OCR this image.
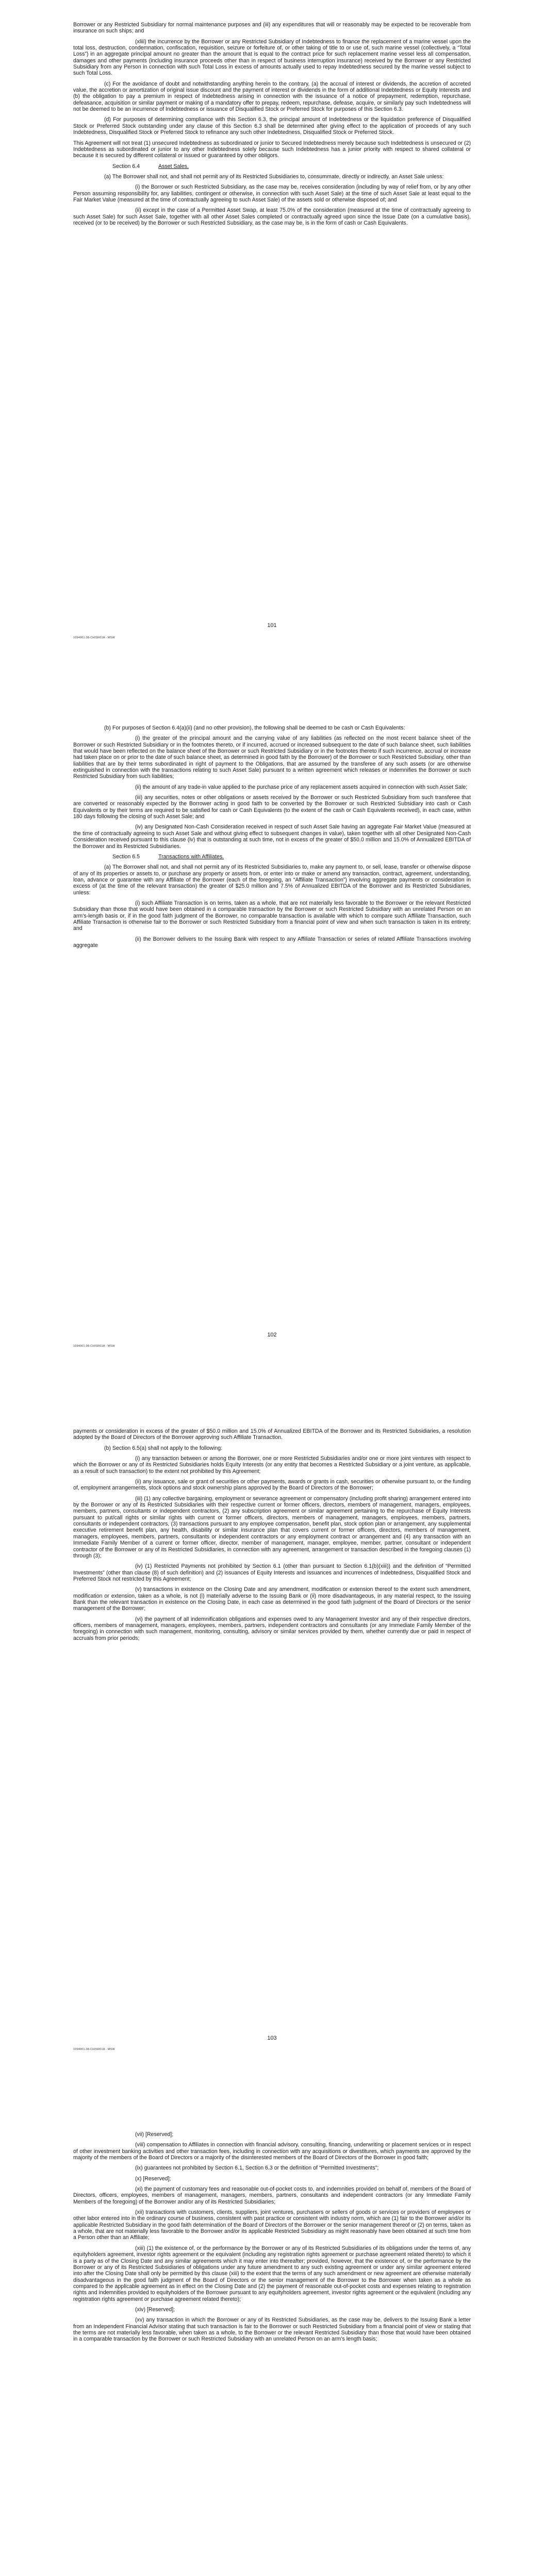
Borrower or any Restricted Subsidiary for normal maintenance purposes and (iii) any expenditures that will or reasonably may be expected to be recoverable from insurance on such ships; and

(xliii) the incurrence by the Borrower or any Restricted Subsidiary of Indebtedness to finance the replacement of a marine vessel upon the total loss, destruction, condemnation, confiscation, requisition, seizure or forfeiture of, or other taking of title to or use of, such marine vessel (collectively, a “Total Loss”) in an aggregate principal amount no greater than the amount that is equal to the contract price for such replacement marine vessel less all compensation, damages and other payments (including insurance proceeds other than in respect of business interruption insurance) received by the Borrower or any Restricted Subsidiary from any Person in connection with such Total Loss in excess of amounts actually used to repay Indebtedness secured by the marine vessel subject to such Total Loss.

(c) For the avoidance of doubt and notwithstanding anything herein to the contrary, (a) the accrual of interest or dividends, the accretion of accreted value, the accretion or amortization of original issue discount and the payment of interest or dividends in the form of additional Indebtedness or Equity Interests and (b) the obligation to pay a premium in respect of Indebtedness arising in connection with the issuance of a notice of prepayment, redemption, repurchase, defeasance, acquisition or similar payment or making of a mandatory offer to prepay, redeem, repurchase, defease, acquire, or similarly pay such Indebtedness will not be deemed to be an incurrence of Indebtedness or issuance of Disqualified Stock or Preferred Stock for purposes of this Section 6.3.

(d) For purposes of determining compliance with this Section 6.3, the principal amount of Indebtedness or the liquidation preference of Disqualified Stock or Preferred Stock outstanding under any clause of this Section 6.3 shall be determined after giving effect to the application of proceeds of any such Indebtedness, Disqualified Stock or Preferred Stock to refinance any such other Indebtedness, Disqualified Stock or Preferred Stock.

This Agreement will not treat (1) unsecured Indebtedness as subordinated or junior to Secured Indebtedness merely because such Indebtedness is unsecured or (2) Indebtedness as subordinated or junior to any other Indebtedness solely because such Indebtedness has a junior priority with respect to shared collateral or because it is secured by different collateral or issued or guaranteed by other obligors.

Section 6.4	Asset Sales.

(a) The Borrower shall not, and shall not permit any of its Restricted Subsidiaries to, consummate, directly or indirectly, an Asset Sale unless:

(i) the Borrower or such Restricted Subsidiary, as the case may be, receives consideration (including by way of relief from, or by any other Person assuming responsibility for, any liabilities, contingent or otherwise, in connection with such Asset Sale) at the time of such Asset Sale at least equal to the Fair Market Value (measured at the time of contractually agreeing to such Asset Sale) of the assets sold or otherwise disposed of; and

(ii) except in the case of a Permitted Asset Swap, at least 75.0% of the consideration (measured at the time of contractually agreeing to such Asset Sale) for such Asset Sale, together with all other Asset Sales completed or contractually agreed upon since the Issue Date (on a cumulative basis), received (or to be received) by the Borrower or such Restricted Subsidiary, as the case may be, is in the form of cash or Cash Equivalents.

101
1094001.08-CHISR01A - MSW

(b) For purposes of Section 6.4(a)(ii) (and no other provision), the following shall be deemed to be cash or Cash Equivalents:

(i) the greater of the principal amount and the carrying value of any liabilities (as reflected on the most recent balance sheet of the Borrower or such Restricted Subsidiary or in the footnotes thereto, or if incurred, accrued or increased subsequent to the date of such balance sheet, such liabilities that would have been reflected on the balance sheet of the Borrower or such Restricted Subsidiary or in the footnotes thereto if such incurrence, accrual or increase had taken place on or prior to the date of such balance sheet, as determined in good faith by the Borrower) of the Borrower or such Restricted Subsidiary, other than liabilities that are by their terms subordinated in right of payment to the Obligations, that are assumed by the transferee of any such assets (or are otherwise extinguished in connection with the transactions relating to such Asset Sale) pursuant to a written agreement which releases or indemnifies the Borrower or such Restricted Subsidiary from such liabilities;

(ii) the amount of any trade-in value applied to the purchase price of any replacement assets acquired in connection with such Asset Sale;

(iii) any securities, notes or other obligations or assets received by the Borrower or such Restricted Subsidiary from such transferee that are converted or reasonably expected by the Borrower acting in good faith to be converted by the Borrower or such Restricted Subsidiary into cash or Cash Equivalents or by their terms are required to be satisfied for cash or Cash Equivalents (to the extent of the cash or Cash Equivalents received), in each case, within 180 days following the closing of such Asset Sale; and

(iv) any Designated Non-Cash Consideration received in respect of such Asset Sale having an aggregate Fair Market Value (measured at the time of contractually agreeing to such Asset Sale and without giving effect to subsequent changes in value), taken together with all other Designated Non-Cash Consideration received pursuant to this clause (iv) that is outstanding at such time, not in excess of the greater of $50.0 million and 15.0% of Annualized EBITDA of the Borrower and its Restricted Subsidiaries.

Section 6.5	Transactions with Affiliates.

(a) The Borrower shall not, and shall not permit any of its Restricted Subsidiaries to, make any payment to, or sell, lease, transfer or otherwise dispose of any of its properties or assets to, or purchase any property or assets from, or enter into or make or amend any transaction, contract, agreement, understanding, loan, advance or guarantee with any Affiliate of the Borrower (each of the foregoing, an “Affiliate Transaction”) involving aggregate payments or consideration in excess of (at the time of the relevant transaction) the greater of $25.0 million and 7.5% of Annualized EBITDA of the Borrower and its Restricted Subsidiaries, unless:

(i) such Affiliate Transaction is on terms, taken as a whole, that are not materially less favorable to the Borrower or the relevant Restricted Subsidiary than those that would have been obtained in a comparable transaction by the Borrower or such Restricted Subsidiary with an unrelated Person on an arm’s-length basis or, if in the good faith judgment of the Borrower, no comparable transaction is available with which to compare such Affiliate Transaction, such Affiliate Transaction is otherwise fair to the Borrower or such Restricted Subsidiary from a financial point of view and when such transaction is taken in its entirety; and

(ii) the Borrower delivers to the Issuing Bank with respect to any Affiliate Transaction or series of related Affiliate Transactions involving aggregate

102
1094001.08-CHISR01A - MSW

payments or consideration in excess of the greater of $50.0 million and 15.0% of Annualized EBITDA of the Borrower and its Restricted Subsidiaries, a resolution adopted by the Board of Directors of the Borrower approving such Affiliate Transaction.

(b) Section 6.5(a) shall not apply to the following:

(i) any transaction between or among the Borrower, one or more Restricted Subsidiaries and/or one or more joint ventures with respect to which the Borrower or any of its Restricted Subsidiaries holds Equity Interests (or any entity that becomes a Restricted Subsidiary or a joint venture, as applicable, as a result of such transaction) to the extent not prohibited by this Agreement;

(ii) any issuance, sale or grant of securities or other payments, awards or grants in cash, securities or otherwise pursuant to, or the funding of, employment arrangements, stock options and stock ownership plans approved by the Board of Directors of the Borrower;

(iii) (1) any collective bargaining, employment or severance agreement or compensatory (including profit sharing) arrangement entered into by the Borrower or any of its Restricted Subsidiaries with their respective current or former officers, directors, members of management, managers, employees, members, partners, consultants or independent contractors, (2) any subscription agreement or similar agreement pertaining to the repurchase of Equity Interests pursuant to put/call rights or similar rights with current or former officers, directors, members of management, managers, employees, members, partners, consultants or independent contractors, (3) transactions pursuant to any employee compensation, benefit plan, stock option plan or arrangement, any supplemental executive retirement benefit plan, any health, disability or similar insurance plan that covers current or former officers, directors, members of management, managers, employees, members, partners, consultants or independent contractors or any employment contract or arrangement and (4) any transaction with an Immediate Family Member of a current or former officer, director, member of management, manager, employee, member, partner, consultant or independent contractor of the Borrower or any of its Restricted Subsidiaries, in connection with any agreement, arrangement or transaction described in the foregoing clauses (1) through (3);

(iv) (1) Restricted Payments not prohibited by Section 6.1 (other than pursuant to Section 6.1(b)(xiii)) and the definition of “Permitted Investments” (other than clause (8) of such definition) and (2) issuances of Equity Interests and issuances and incurrences of Indebtedness, Disqualified Stock and Preferred Stock not restricted by this Agreement;

(v) transactions in existence on the Closing Date and any amendment, modification or extension thereof to the extent such amendment, modification or extension, taken as a whole, is not (i) materially adverse to the Issuing Bank or (ii) more disadvantageous, in any material respect, to the Issuing Bank than the relevant transaction in existence on the Closing Date, in each case as determined in the good faith judgment of the Board of Directors or the senior management of the Borrower;

(vi) the payment of all indemnification obligations and expenses owed to any Management Investor and any of their respective directors, officers, members of management, managers, employees, members, partners, independent contractors and consultants (or any Immediate Family Member of the foregoing) in connection with such management, monitoring, consulting, advisory or similar services provided by them, whether currently due or paid in respect of accruals from prior periods;

103
1094001.08-CHISR01A - MSW

(vii) [Reserved];

(viii) compensation to Affiliates in connection with financial advisory, consulting, financing, underwriting or placement services or in respect of other investment banking activities and other transaction fees, including in connection with any acquisitions or divestitures, which payments are approved by the majority of the members of the Board of Directors or a majority of the disinterested members of the Board of Directors of the Borrower in good faith;

(ix) guarantees not prohibited by Section 6.1, Section 6.3 or the definition of “Permitted Investments”;

(x) [Reserved];

(xi) the payment of customary fees and reasonable out-of-pocket costs to, and indemnities provided on behalf of, members of the Board of Directors, officers, employees, members of management, managers, members, partners, consultants and independent contractors (or any Immediate Family Members of the foregoing) of the Borrower and/or any of its Restricted Subsidiaries;

(xii) transactions with customers, clients, suppliers, joint ventures, purchasers or sellers of goods or services or providers of employees or other labor entered into in the ordinary course of business, consistent with past practice or consistent with industry norm, which are (1) fair to the Borrower and/or its applicable Restricted Subsidiary in the good faith determination of the Board of Directors of the Borrower or the senior management thereof or (2) on terms, taken as a whole, that are not materially less favorable to the Borrower and/or its applicable Restricted Subsidiary as might reasonably have been obtained at such time from a Person other than an Affiliate;

(xiii) (1) the existence of, or the performance by the Borrower or any of its Restricted Subsidiaries of its obligations under the terms of, any equityholders agreement, investor rights agreement or the equivalent (including any registration rights agreement or purchase agreement related thereto) to which it is a party as of the Closing Date and any similar agreements which it may enter into thereafter; provided, however, that the existence of, or the performance by the Borrower or any of its Restricted Subsidiaries of obligations under any future amendment to any such existing agreement or under any similar agreement entered into after the Closing Date shall only be permitted by this clause (xiii) to the extent that the terms of any such amendment or new agreement are otherwise materially disadvantageous in the good faith judgment of the Board of Directors or the senior management of the Borrower to the Borrower when taken as a whole as compared to the applicable agreement as in effect on the Closing Date and (2) the payment of reasonable out-of-pocket costs and expenses relating to registration rights and indemnities provided to equityholders of the Borrower pursuant to any equityholders agreement, investor rights agreement or the equivalent (including any registration rights agreement or purchase agreement related thereto);

(xiv) [Reserved];

(xv) any transaction in which the Borrower or any of its Restricted Subsidiaries, as the case may be, delivers to the Issuing Bank a letter from an Independent Financial Advisor stating that such transaction is fair to the Borrower or such Restricted Subsidiary from a financial point of view or stating that the terms are not materially less favorable, when taken as a whole, to the Borrower or the relevant Restricted Subsidiary than those that would have been obtained in a comparable transaction by the Borrower or such Restricted Subsidiary with an unrelated Person on an arm’s length basis;
